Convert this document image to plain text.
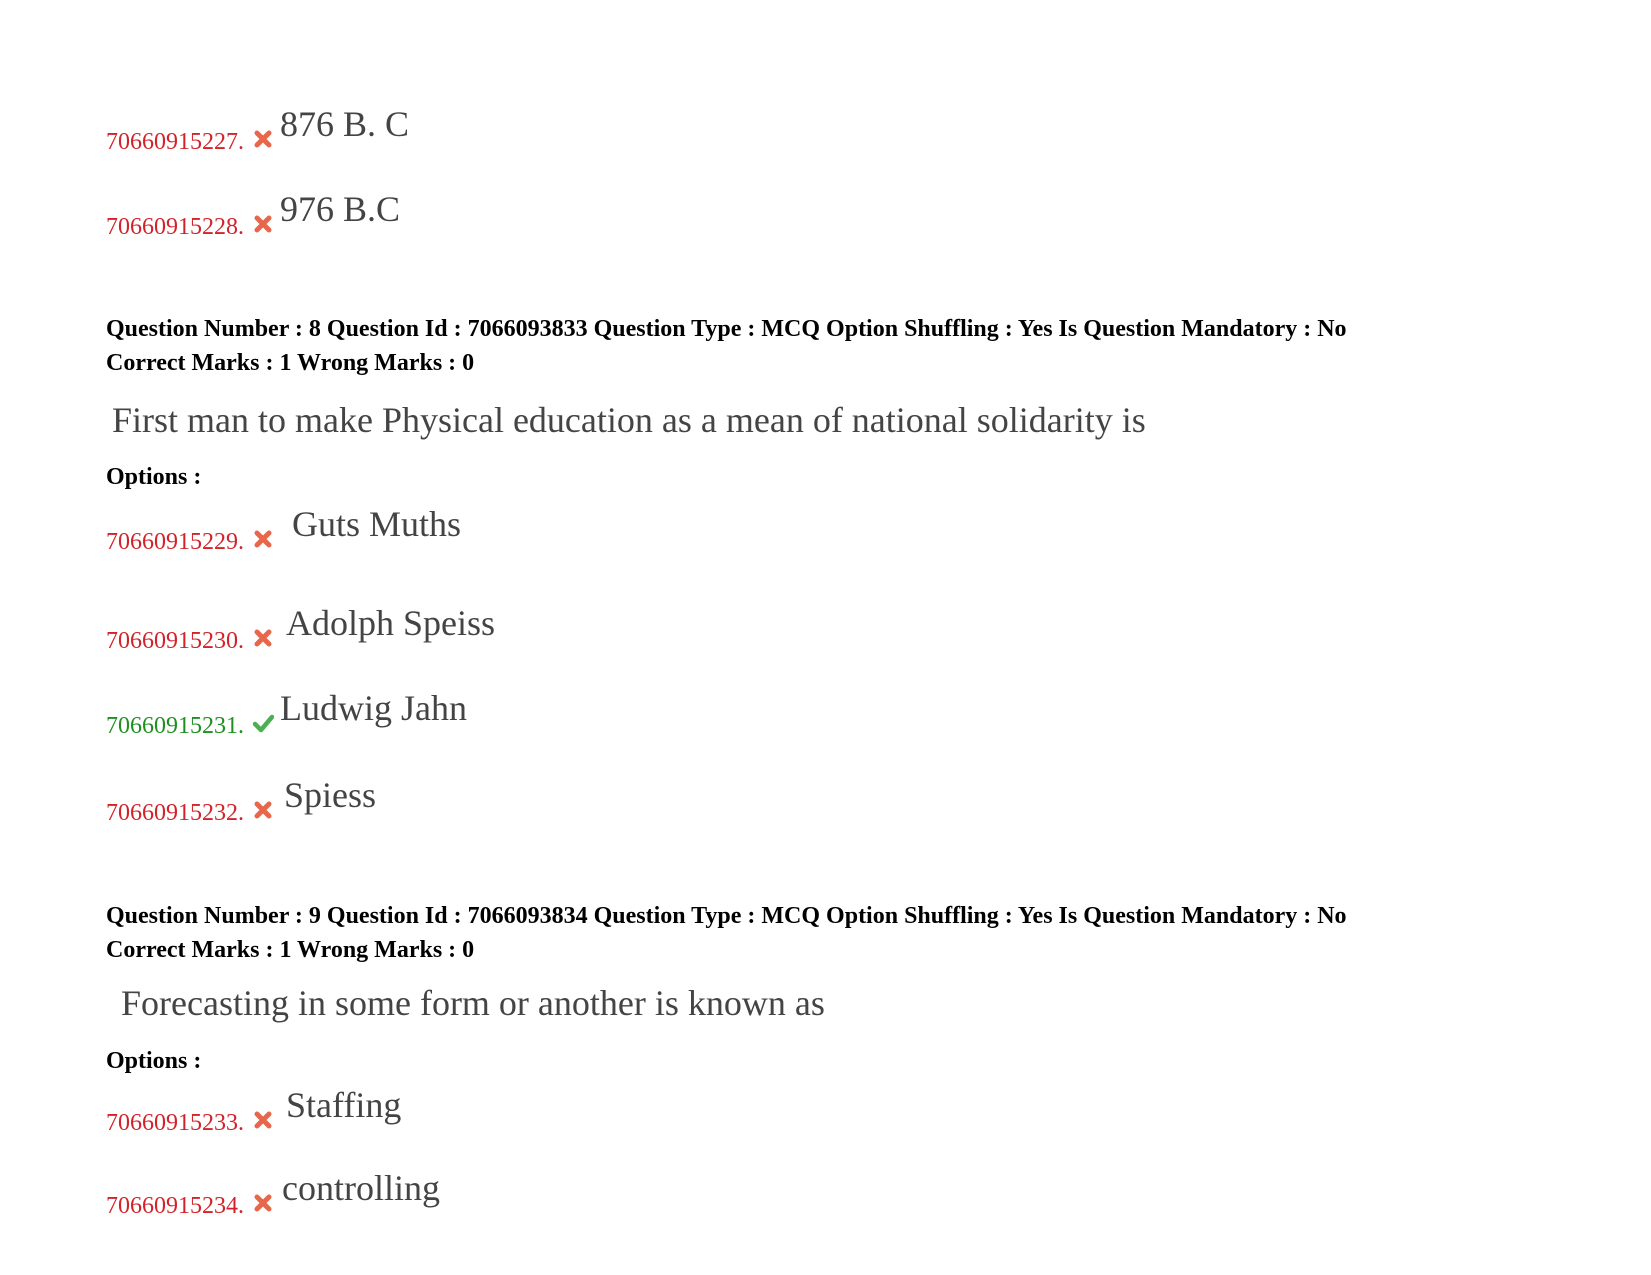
70660915227. 876 B. C
70660915228. 976 B.C
Question Number : 8 Question Id : 7066093833 Question Type : MCQ Option Shuffling : Yes Is Question Mandatory : No
Correct Marks : 1 Wrong Marks : 0
First man to make Physical education as a mean of national solidarity is
Options :
70660915229. Guts Muths
70660915230. Adolph Speiss
70660915231. Ludwig Jahn
70660915232. Spiess
Question Number : 9 Question Id : 7066093834 Question Type : MCQ Option Shuffling : Yes Is Question Mandatory : No
Correct Marks : 1 Wrong Marks : 0
Forecasting in some form or another is known as
Options :
70660915233. Staffing
70660915234. controlling
